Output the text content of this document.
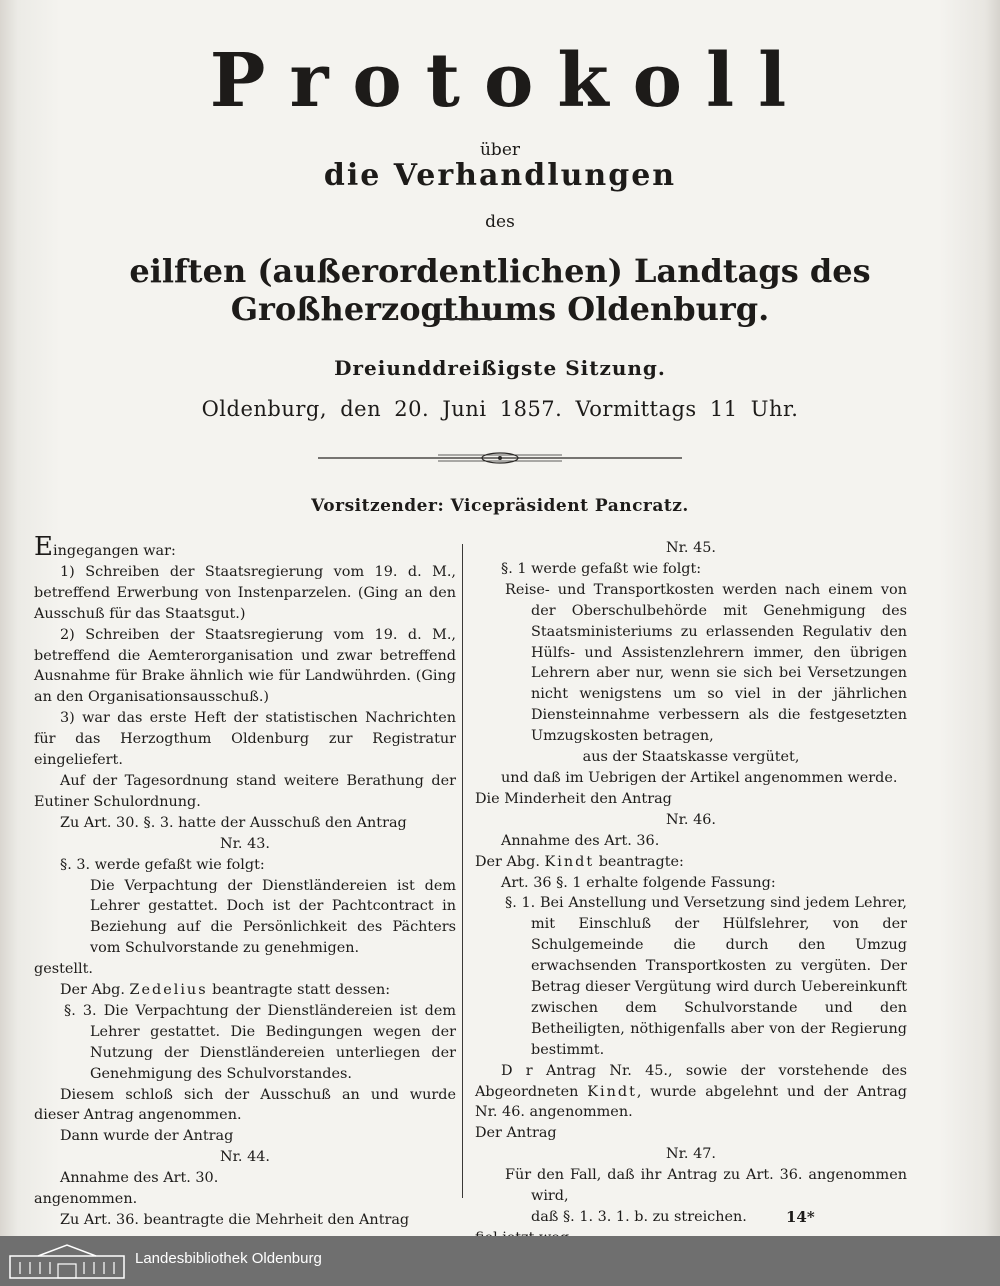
Protokoll
über
die Verhandlungen
des
eilften (außerordentlichen) Landtags des Großherzogthums Oldenburg.
Dreiunddreißigste Sitzung.
Oldenburg, den 20. Juni 1857. Vormittags 11 Uhr.
Vorsitzender: Vicepräsident Pancratz.

Eingegangen war:

1) Schreiben der Staatsregierung vom 19. d. M., betreffend Erwerbung von Instenparzelen. (Ging an den Ausschuß für das Staatsgut.)

2) Schreiben der Staatsregierung vom 19. d. M., betreffend die Aemterorganisation und zwar betreffend Ausnahme für Brake ähnlich wie für Landwührden. (Ging an den Organisationsausschuß.)

3) war das erste Heft der statistischen Nachrichten für das Herzogthum Oldenburg zur Registratur eingeliefert.

Auf der Tagesordnung stand weitere Berathung der Eutiner Schulordnung.

Zu Art. 30. §. 3. hatte der Ausschuß den Antrag

Nr. 43.

§. 3. werde gefaßt wie folgt:

Die Verpachtung der Dienstländereien ist dem Lehrer gestattet. Doch ist der Pachtcontract in Beziehung auf die Persönlichkeit des Pächters vom Schulvorstande zu genehmigen.

gestellt.

Der Abg. Zedelius beantragte statt dessen:

§. 3. Die Verpachtung der Dienstländereien ist dem Lehrer gestattet. Die Bedingungen wegen der Nutzung der Dienstländereien unterliegen der Genehmigung des Schulvorstandes.

Diesem schloß sich der Ausschuß an und wurde dieser Antrag angenommen.

Dann wurde der Antrag

Nr. 44.

Annahme des Art. 30.

angenommen.

Zu Art. 36. beantragte die Mehrheit den Antrag

Nr. 45.

§. 1 werde gefaßt wie folgt:

Reise- und Transportkosten werden nach einem von der Oberschulbehörde mit Genehmigung des Staatsministeriums zu erlassenden Regulativ den Hülfs- und Assistenzlehrern immer, den übrigen Lehrern aber nur, wenn sie sich bei Versetzungen nicht wenigstens um so viel in der jährlichen Diensteinnahme verbessern als die festgesetzten Umzugskosten betragen,

aus der Staatskasse vergütet,

und daß im Uebrigen der Artikel angenommen werde.

Die Minderheit den Antrag

Nr. 46.

Annahme des Art. 36.

Der Abg. Kindt beantragte:

Art. 36 §. 1 erhalte folgende Fassung:

§. 1. Bei Anstellung und Versetzung sind jedem Lehrer, mit Einschluß der Hülfslehrer, von der Schulgemeinde die durch den Umzug erwachsenden Transportkosten zu vergüten. Der Betrag dieser Vergütung wird durch Uebereinkunft zwischen dem Schulvorstande und den Betheiligten, nöthigenfalls aber von der Regierung bestimmt.

D r Antrag Nr. 45., sowie der vorstehende des Abgeordneten Kindt, wurde abgelehnt und der Antrag Nr. 46. angenommen.

Der Antrag

Nr. 47.

Für den Fall, daß ihr Antrag zu Art. 36. angenommen wird,

daß §. 1. 3. 1. b. zu streichen.	14*
Landesbibliothek Oldenburg
